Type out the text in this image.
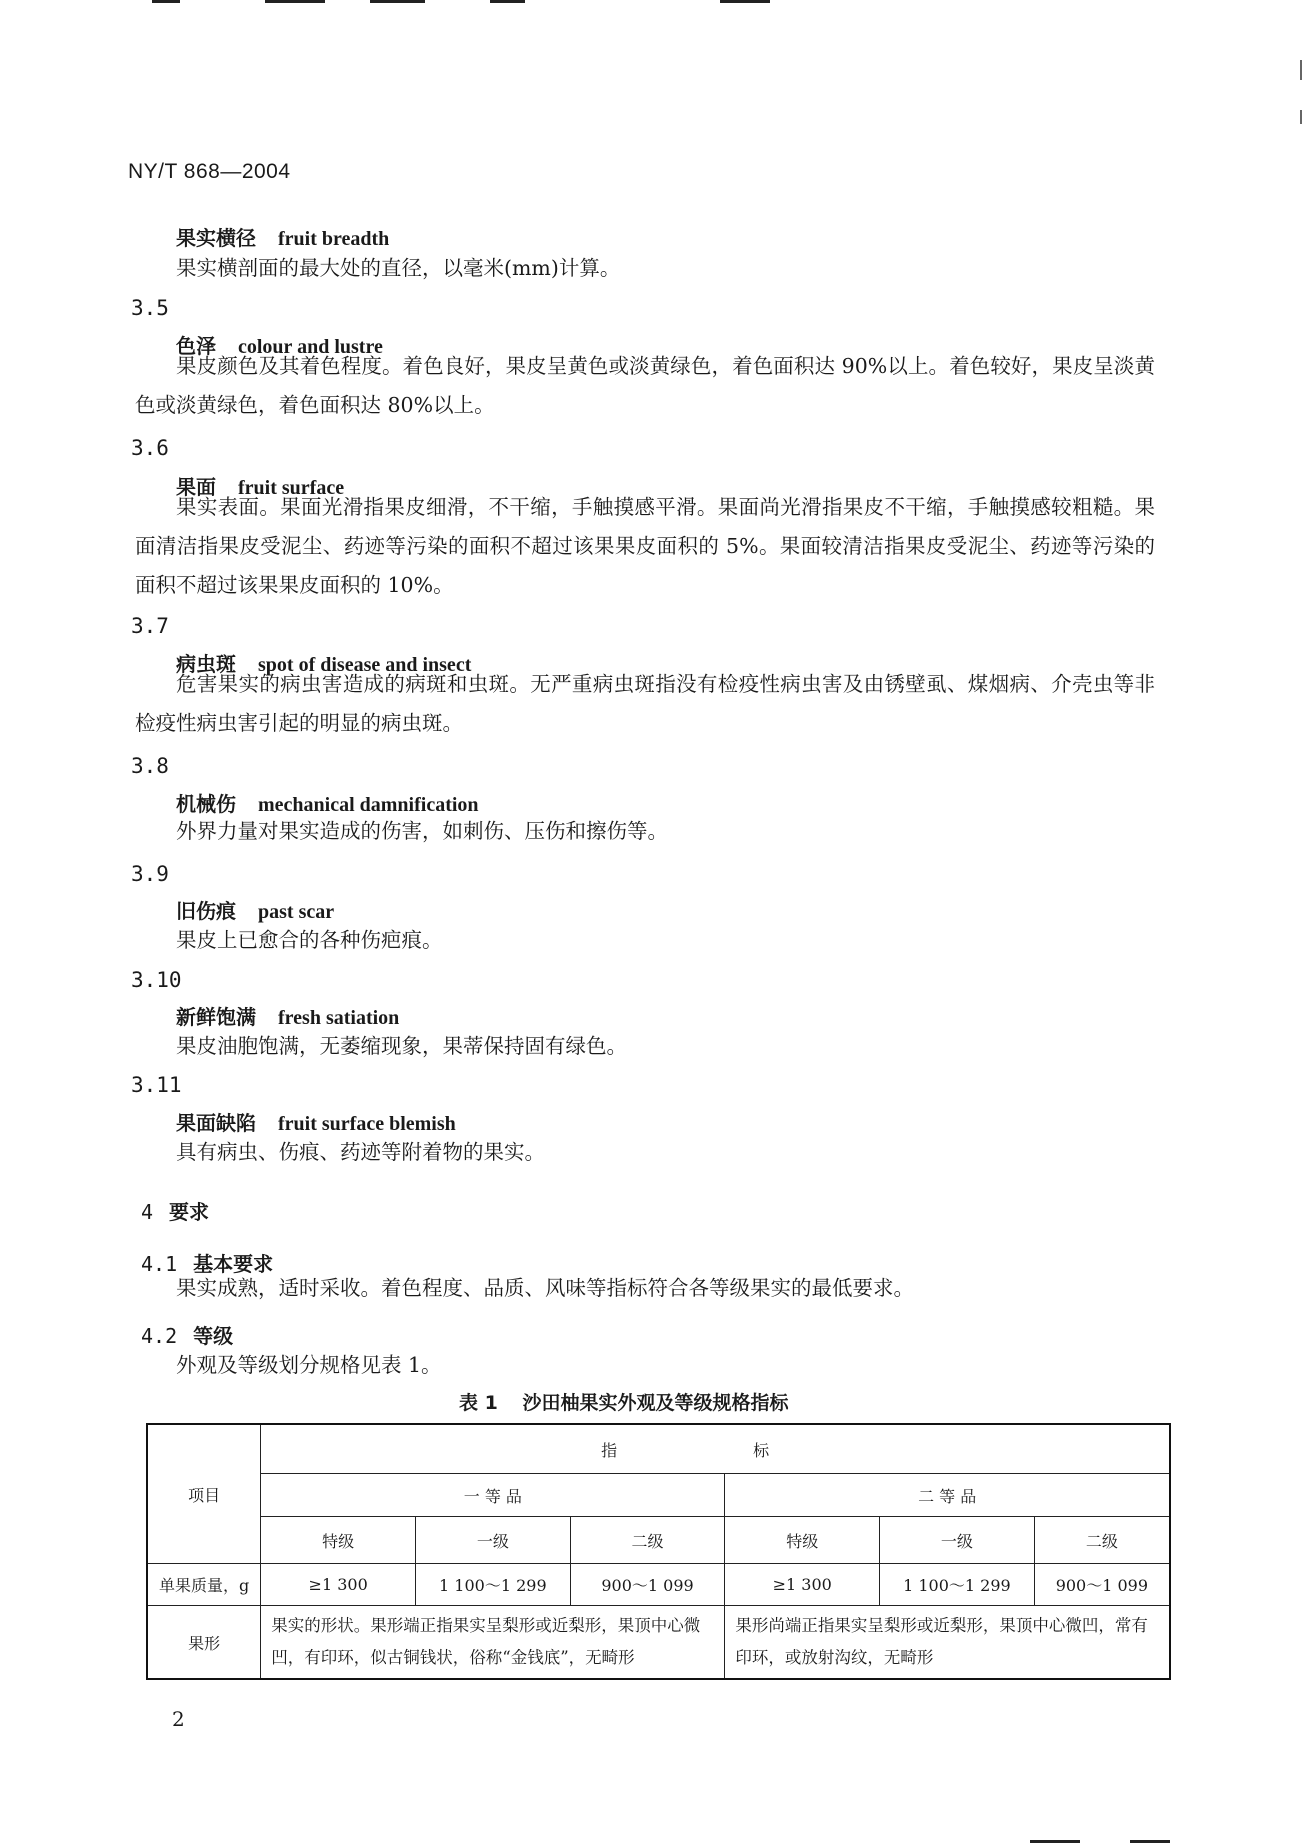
NY/T 868—2004
果实横径 fruit breadth
果实横剖面的最大处的直径，以毫米(mm)计算。
3.5
色泽 colour and lustre
果皮颜色及其着色程度。着色良好，果皮呈黄色或淡黄绿色，着色面积达 90%以上。着色较好，果皮呈淡黄色或淡黄绿色，着色面积达 80%以上。
3.6
果面 fruit surface
果实表面。果面光滑指果皮细滑，不干缩，手触摸感平滑。果面尚光滑指果皮不干缩，手触摸感较粗糙。果面清洁指果皮受泥尘、药迹等污染的面积不超过该果果皮面积的 5%。果面较清洁指果皮受泥尘、药迹等污染的面积不超过该果果皮面积的 10%。
3.7
病虫斑 spot of disease and insect
危害果实的病虫害造成的病斑和虫斑。无严重病虫斑指没有检疫性病虫害及由锈壁虱、煤烟病、介壳虫等非检疫性病虫害引起的明显的病虫斑。
3.8
机械伤 mechanical damnification
外界力量对果实造成的伤害，如刺伤、压伤和擦伤等。
3.9
旧伤痕 past scar
果皮上已愈合的各种伤疤痕。
3.10
新鲜饱满 fresh satiation
果皮油胞饱满，无萎缩现象，果蒂保持固有绿色。
3.11
果面缺陷 fruit surface blemish
具有病虫、伤痕、药迹等附着物的果实。
4 要求
4.1 基本要求
果实成熟，适时采收。着色程度、品质、风味等指标符合各等级果实的最低要求。
4.2 等级
外观及等级划分规格见表 1。
表 1 沙田柚果实外观及等级规格指标
项目	指　标					
	一 等 品			二 等 品		
	特级	一级	二级	特级	一级	二级
单果质量，g	≥1 300	1 100～1 299	900～1 099	≥1 300	1 100～1 299	900～1 099
果形	果实的形状。果形端正指果实呈梨形或近梨形，果顶中心微凹，有印环，似古铜钱状，俗称“金钱底”，无畸形			果形尚端正指果实呈梨形或近梨形，果顶中心微凹，常有印环，或放射沟纹，无畸形		
2
